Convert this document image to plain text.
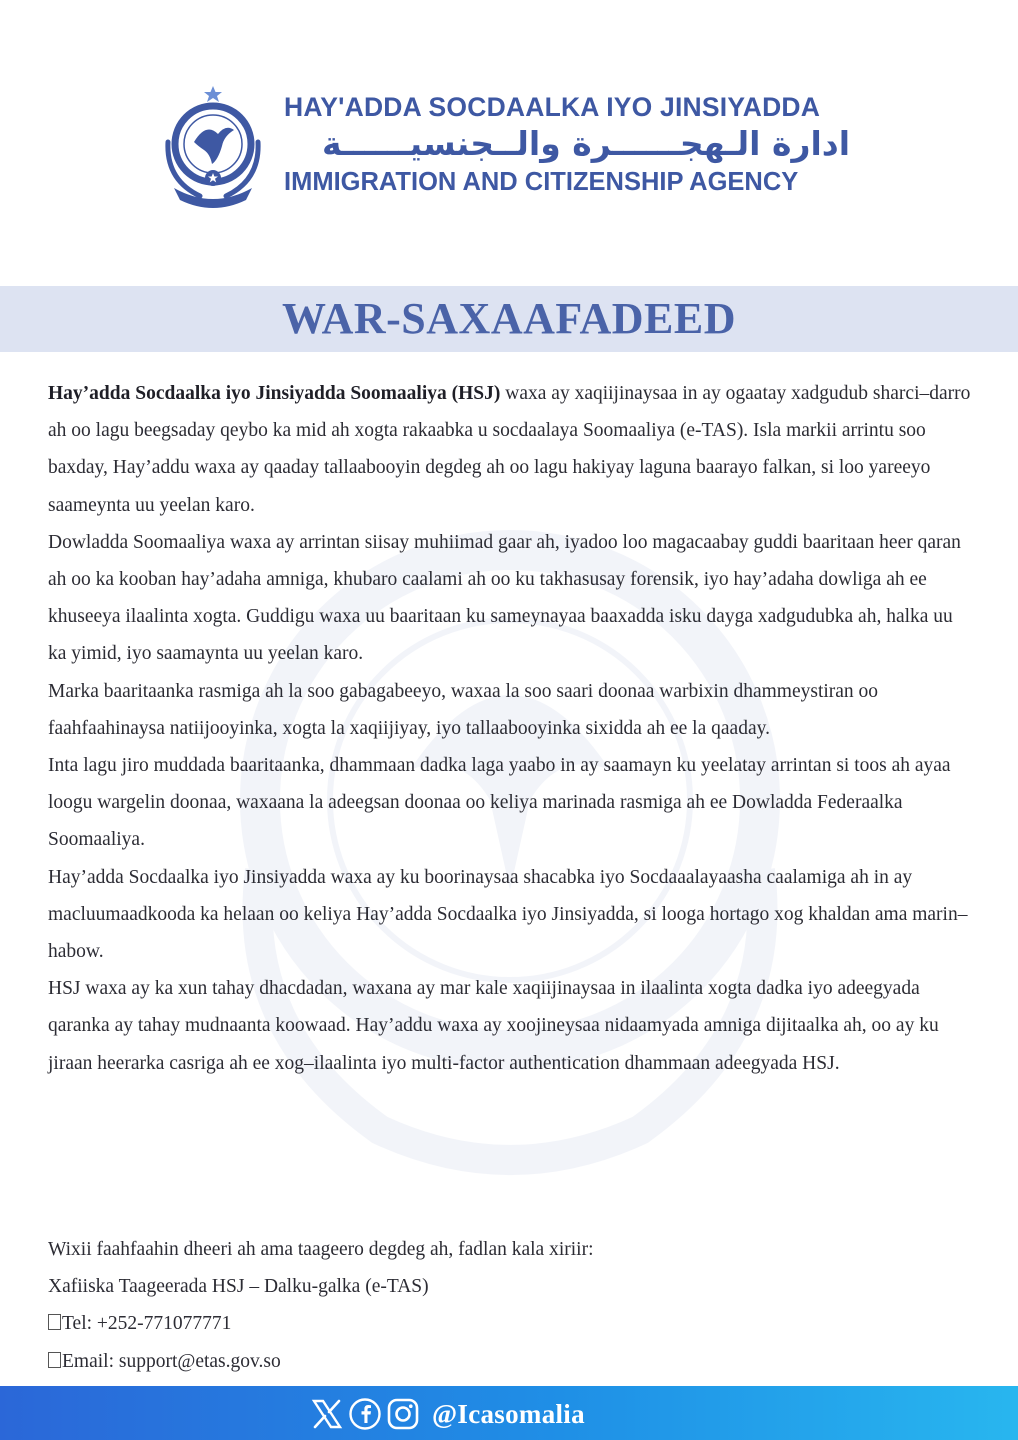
HAY'ADDA SOCDAALKA IYO JINSIYADDA
ادارة الـهجــــــرة والــجنسيــــــة
IMMIGRATION AND CITIZENSHIP AGENCY
WAR-SAXAAFADEED

Hay’adda Socdaalka iyo Jinsiyadda Soomaaliya (HSJ) waxa ay xaqiijinaysaa in ay ogaatay xadgudub sharci–darro ah oo lagu beegsaday qeybo ka mid ah xogta rakaabka u socdaalaya Soomaaliya (e-TAS). Isla markii arrintu soo baxday, Hay’addu waxa ay qaaday tallaabooyin degdeg ah oo lagu hakiyay laguna baarayo falkan, si loo yareeyo saameynta uu yeelan karo.

Dowladda Soomaaliya waxa ay arrintan siisay muhiimad gaar ah, iyadoo loo magacaabay guddi baaritaan heer qaran ah oo ka kooban hay’adaha amniga, khubaro caalami ah oo ku takhasusay forensik, iyo hay’adaha dowliga ah ee khuseeya ilaalinta xogta. Guddigu waxa uu baaritaan ku sameynayaa baaxadda isku dayga xadgudubka ah, halka uu ka yimid, iyo saamaynta uu yeelan karo.

Marka baaritaanka rasmiga ah la soo gabagabeeyo, waxaa la soo saari doonaa warbixin dhammeystiran oo faahfaahinaysa natiijooyinka, xogta la xaqiijiyay, iyo tallaabooyinka sixidda ah ee la qaaday.

Inta lagu jiro muddada baaritaanka, dhammaan dadka laga yaabo in ay saamayn ku yeelatay arrintan si toos ah ayaa loogu wargelin doonaa, waxaana la adeegsan doonaa oo keliya marinada rasmiga ah ee Dowladda Federaalka Soomaaliya.

Hay’adda Socdaalka iyo Jinsiyadda waxa ay ku boorinaysaa shacabka iyo Socdaaalayaasha caalamiga ah in ay macluumaadkooda ka helaan oo keliya Hay’adda Socdaalka iyo Jinsiyadda, si looga hortago xog khaldan ama marin–habow.

HSJ waxa ay ka xun tahay dhacdadan, waxana ay mar kale xaqiijinaysaa in ilaalinta xogta dadka iyo adeegyada qaranka ay tahay mudnaanta koowaad. Hay’addu waxa ay xoojineysaa nidaamyada amniga dijitaalka ah, oo ay ku jiraan heerarka casriga ah ee xog–ilaalinta iyo multi-factor authentication dhammaan adeegyada HSJ.

Wixii faahfaahin dheeri ah ama taageero degdeg ah, fadlan kala xiriir:

Xafiiska Taageerada HSJ – Dalku-galka (e-TAS)

Tel: +252-771077771

Email: support@etas.gov.so

@Icasomalia
